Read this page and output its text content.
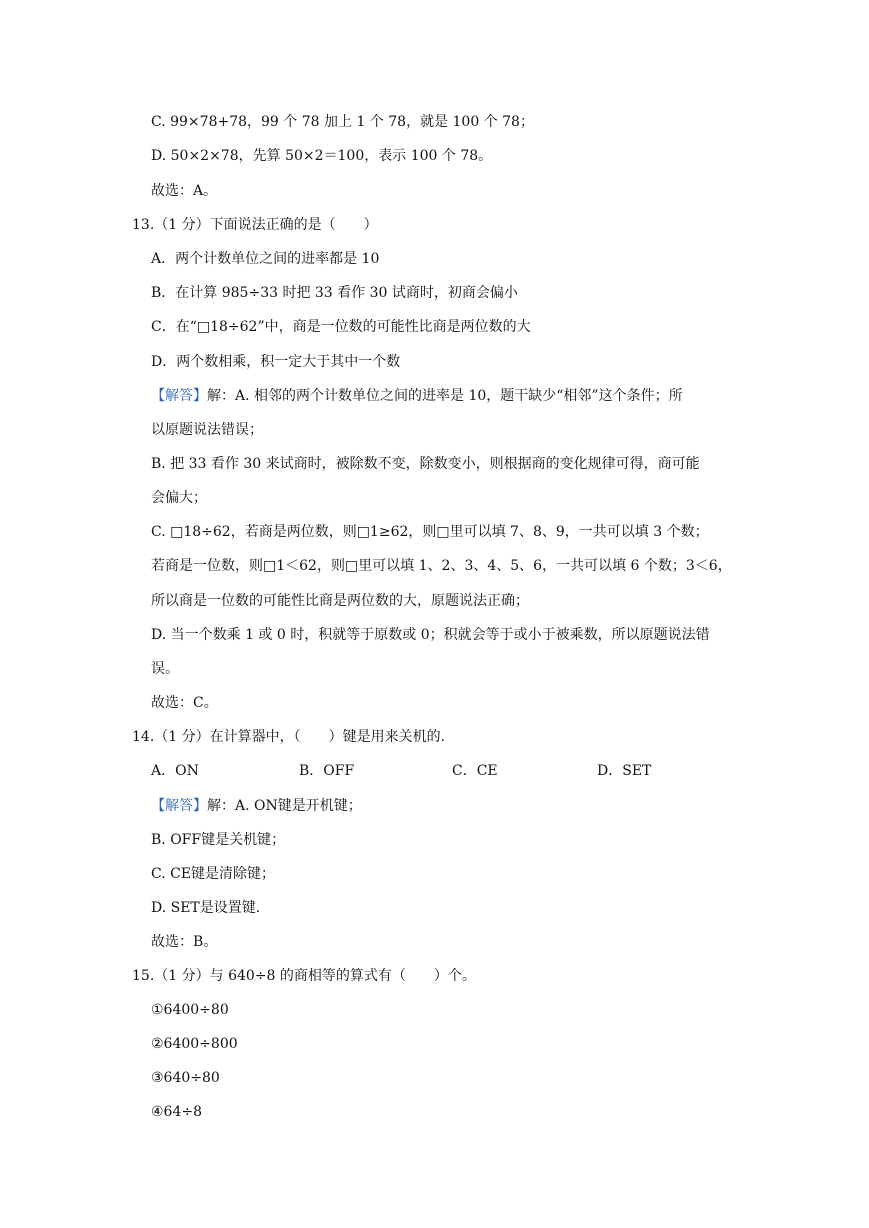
C. 99×78+78，99 个 78 加上 1 个 78，就是 100 个 78；
D. 50×2×78，先算 50×2＝100，表示 100 个 78。
故选：A。
13.（1 分）下面说法正确的是（　　）
A．两个计数单位之间的进率都是 10
B．在计算 985÷33 时把 33 看作 30 试商时，初商会偏小
C．在“□18÷62”中，商是一位数的可能性比商是两位数的大
D．两个数相乘，积一定大于其中一个数
【解答】解：A. 相邻的两个计数单位之间的进率是 10，题干缺少“相邻”这个条件；所
以原题说法错误；
B. 把 33 看作 30 来试商时，被除数不变，除数变小，则根据商的变化规律可得，商可能
会偏大；
C. □18÷62，若商是两位数，则□1≥62，则□里可以填 7、8、9，一共可以填 3 个数；
若商是一位数，则□1＜62，则□里可以填 1、2、3、4、5、6，一共可以填 6 个数；3＜6，
所以商是一位数的可能性比商是两位数的大，原题说法正确；
D. 当一个数乘 1 或 0 时，积就等于原数或 0；积就会等于或小于被乘数，所以原题说法错
误。
故选：C。
14.（1 分）在计算器中，（　　）键是用来关机的.
A．ON	B．OFF	C．CE	D．SET
【解答】解：A. ON键是开机键；
B. OFF键是关机键；
C. CE键是清除键；
D. SET是设置键.
故选：B。
15.（1 分）与 640÷8 的商相等的算式有（　　）个。
①6400÷80
②6400÷800
③640÷80
④64÷8
